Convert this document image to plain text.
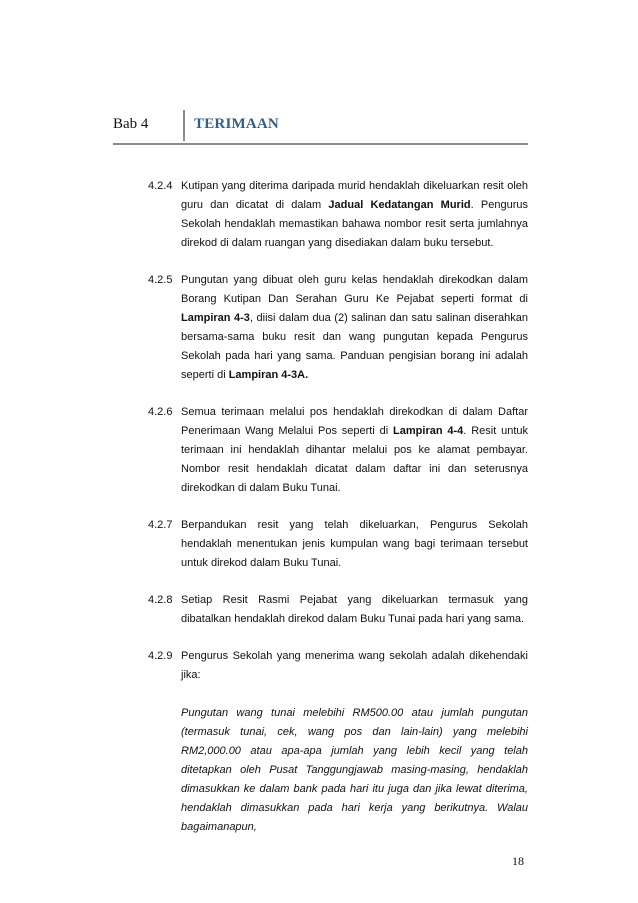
Bab 4	TERIMAAN
4.2.4 Kutipan yang diterima daripada murid hendaklah dikeluarkan resit oleh guru dan dicatat di dalam Jadual Kedatangan Murid. Pengurus Sekolah hendaklah memastikan bahawa nombor resit serta jumlahnya direkod di dalam ruangan yang disediakan dalam buku tersebut.

4.2.5 Pungutan yang dibuat oleh guru kelas hendaklah direkodkan dalam Borang Kutipan Dan Serahan Guru Ke Pejabat seperti format di Lampiran 4-3, diisi dalam dua (2) salinan dan satu salinan diserahkan bersama-sama buku resit dan wang pungutan kepada Pengurus Sekolah pada hari yang sama. Panduan pengisian borang ini adalah seperti di Lampiran 4-3A.

4.2.6 Semua terimaan melalui pos hendaklah direkodkan di dalam Daftar Penerimaan Wang Melalui Pos seperti di Lampiran 4-4. Resit untuk terimaan ini hendaklah dihantar melalui pos ke alamat pembayar. Nombor resit hendaklah dicatat dalam daftar ini dan seterusnya direkodkan di dalam Buku Tunai.

4.2.7 Berpandukan resit yang telah dikeluarkan, Pengurus Sekolah hendaklah menentukan jenis kumpulan wang bagi terimaan tersebut untuk direkod dalam Buku Tunai.

4.2.8 Setiap Resit Rasmi Pejabat yang dikeluarkan termasuk yang dibatalkan hendaklah direkod dalam Buku Tunai pada hari yang sama.

4.2.9 Pengurus Sekolah yang menerima wang sekolah adalah dikehendaki jika:

Pungutan wang tunai melebihi RM500.00 atau jumlah pungutan (termasuk tunai, cek, wang pos dan lain-lain) yang melebihi RM2,000.00 atau apa-apa jumlah yang lebih kecil yang telah ditetapkan oleh Pusat Tanggungjawab masing-masing, hendaklah dimasukkan ke dalam bank pada hari itu juga dan jika lewat diterima, hendaklah dimasukkan pada hari kerja yang berikutnya. Walau bagaimanapun,

18
